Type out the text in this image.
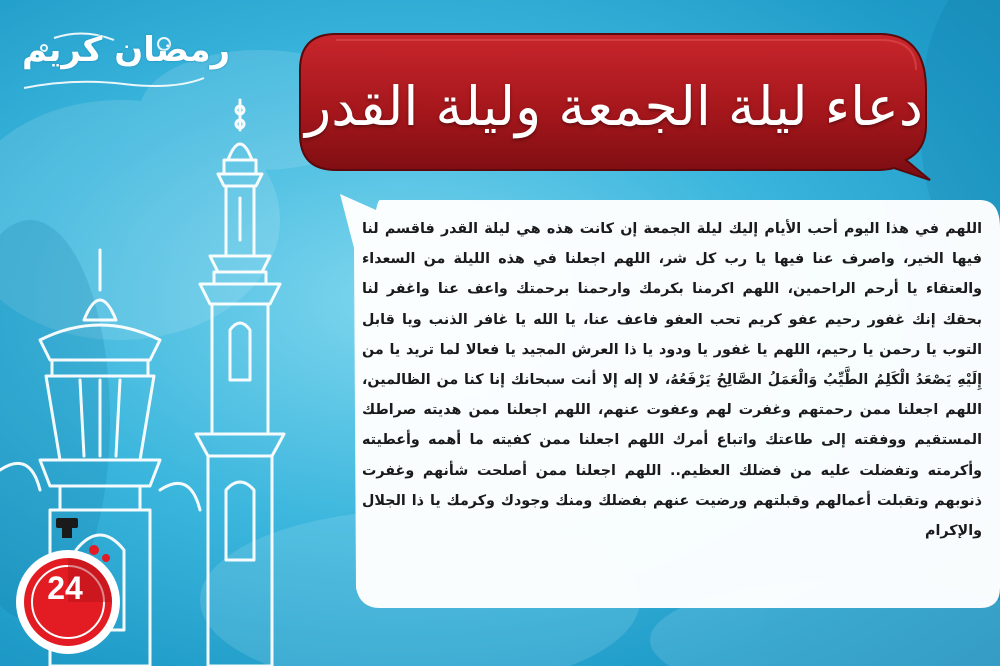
رمضان كريم
دعاء ليلة الجمعة وليلة القدر
اللهم في هذا اليوم أحب الأيام إليك ليلة الجمعة إن كانت هذه هي ليلة القدر فاقسم لنا فيها الخير، واصرف عنا فيها يا رب كل شر، اللهم اجعلنا في هذه الليلة من السعداء والعتقاء يا أرحم الراحمين، اللهم اكرمنا بكرمك وارحمنا برحمتك واعف عنا واغفر لنا بحقك إنك غفور رحيم عفو كريم تحب العفو فاعف عنا، يا الله يا غافر الذنب ويا قابل التوب يا رحمن يا رحيم، اللهم يا غفور يا ودود يا ذا العرش المجيد يا فعالا لما تريد يا من إِلَيْهِ يَصْعَدُ الْكَلِمُ الطَّيِّبُ وَالْعَمَلُ الصَّالِحُ يَرْفَعُهُ، لا إله إلا أنت سبحانك إنا كنا من الظالمين، اللهم اجعلنا ممن رحمتهم وغفرت لهم وعفوت عنهم، اللهم اجعلنا ممن هديته صراطك المستقيم ووفقته إلى طاعتك واتباع أمرك اللهم اجعلنا ممن كفيته ما أهمه وأعطيته وأكرمته وتفضلت عليه من فضلك العظيم.. اللهم اجعلنا ممن أصلحت شأنهم وغفرت ذنوبهم وتقبلت أعمالهم وقبلتهم ورضيت عنهم بفضلك ومنك وجودك وكرمك يا ذا الجلال والإكرام
24
